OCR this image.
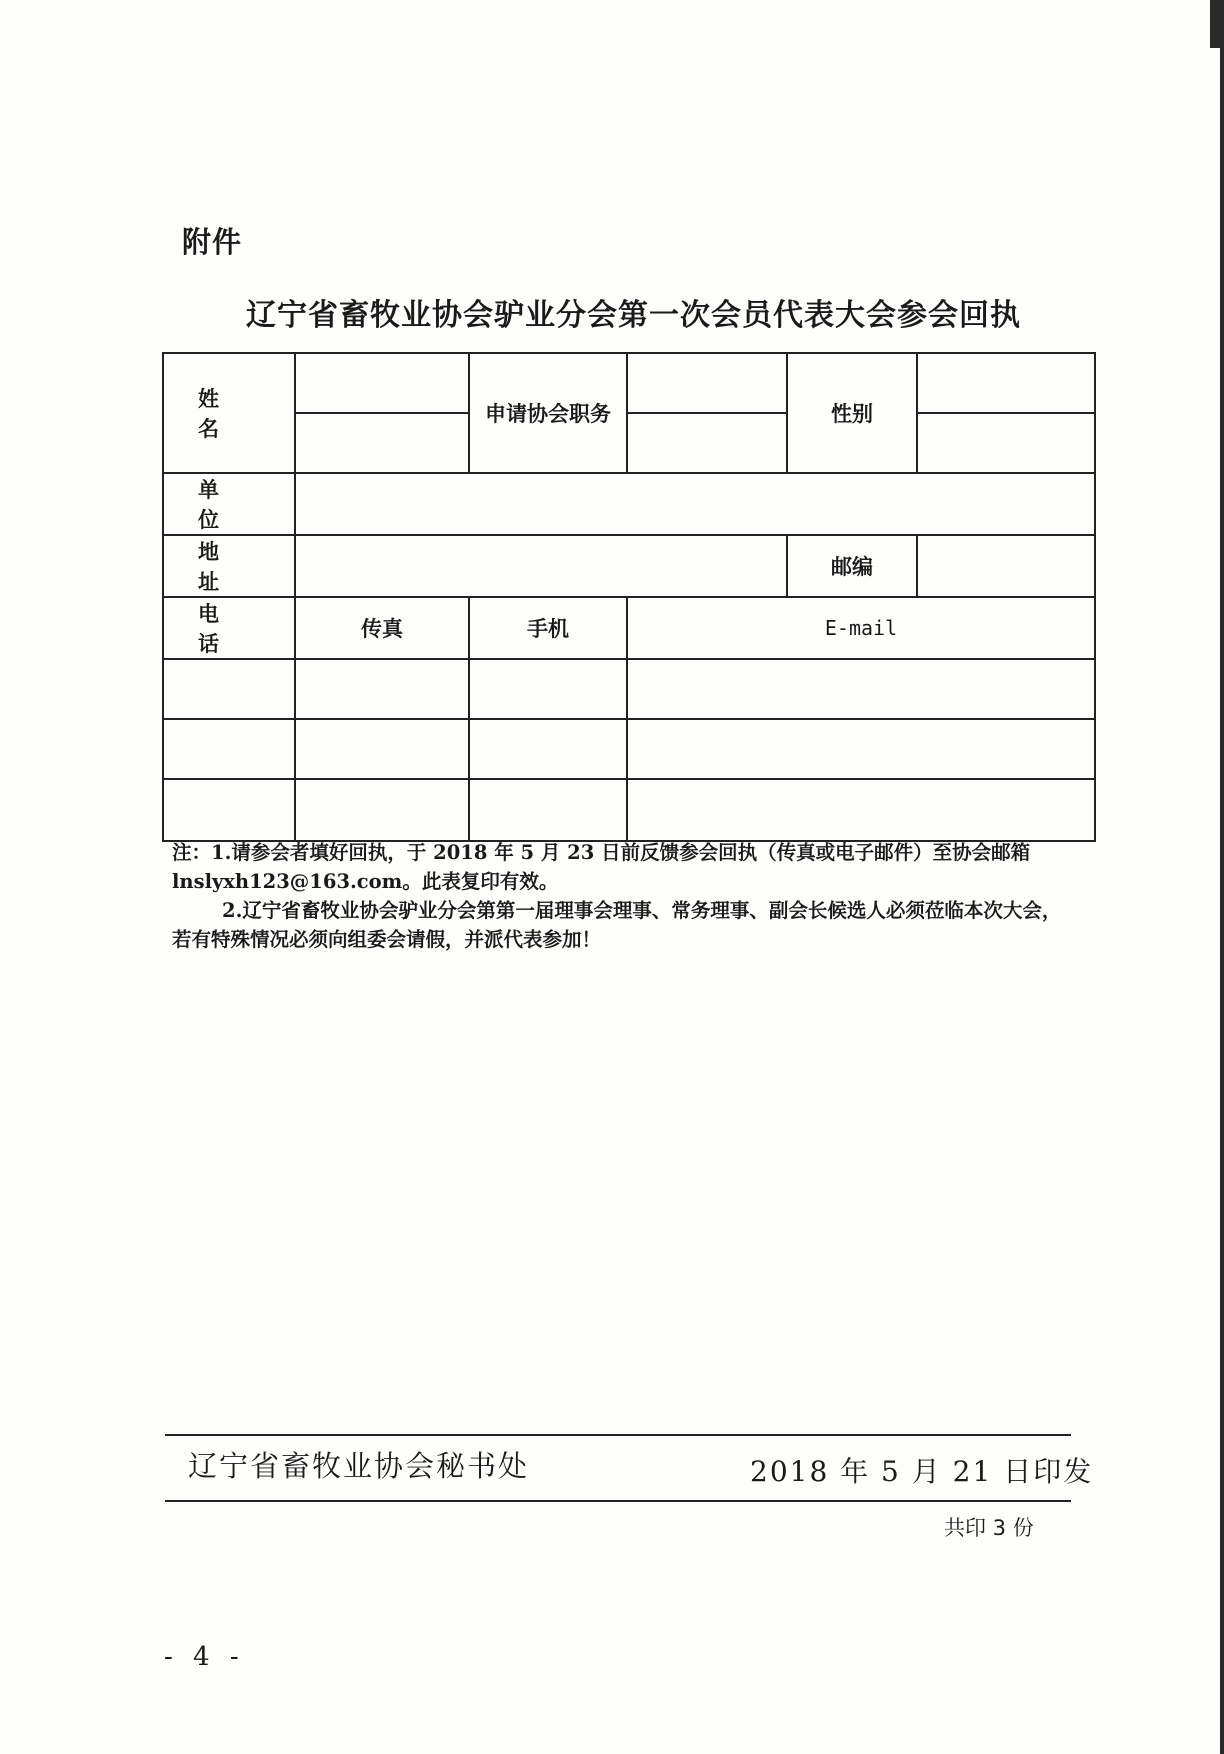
附件
辽宁省畜牧业协会驴业分会第一次会员代表大会参会回执
姓 名		申请协会职务		性别	

单 位					
地 址				邮编	
电 话	传真	手机	E-mail		

注：1.请参会者填好回执，于 2018 年 5 月 23 日前反馈参会回执（传真或电子邮件）至协会邮箱 lnslyxh123@163.com。此表复印有效。

2.辽宁省畜牧业协会驴业分会第第一届理事会理事、常务理事、副会长候选人必须莅临本次大会，若有特殊情况必须向组委会请假，并派代表参加！

辽宁省畜牧业协会秘书处	2018 年 5 月 21 日印发
共印 3 份
- 4 -
